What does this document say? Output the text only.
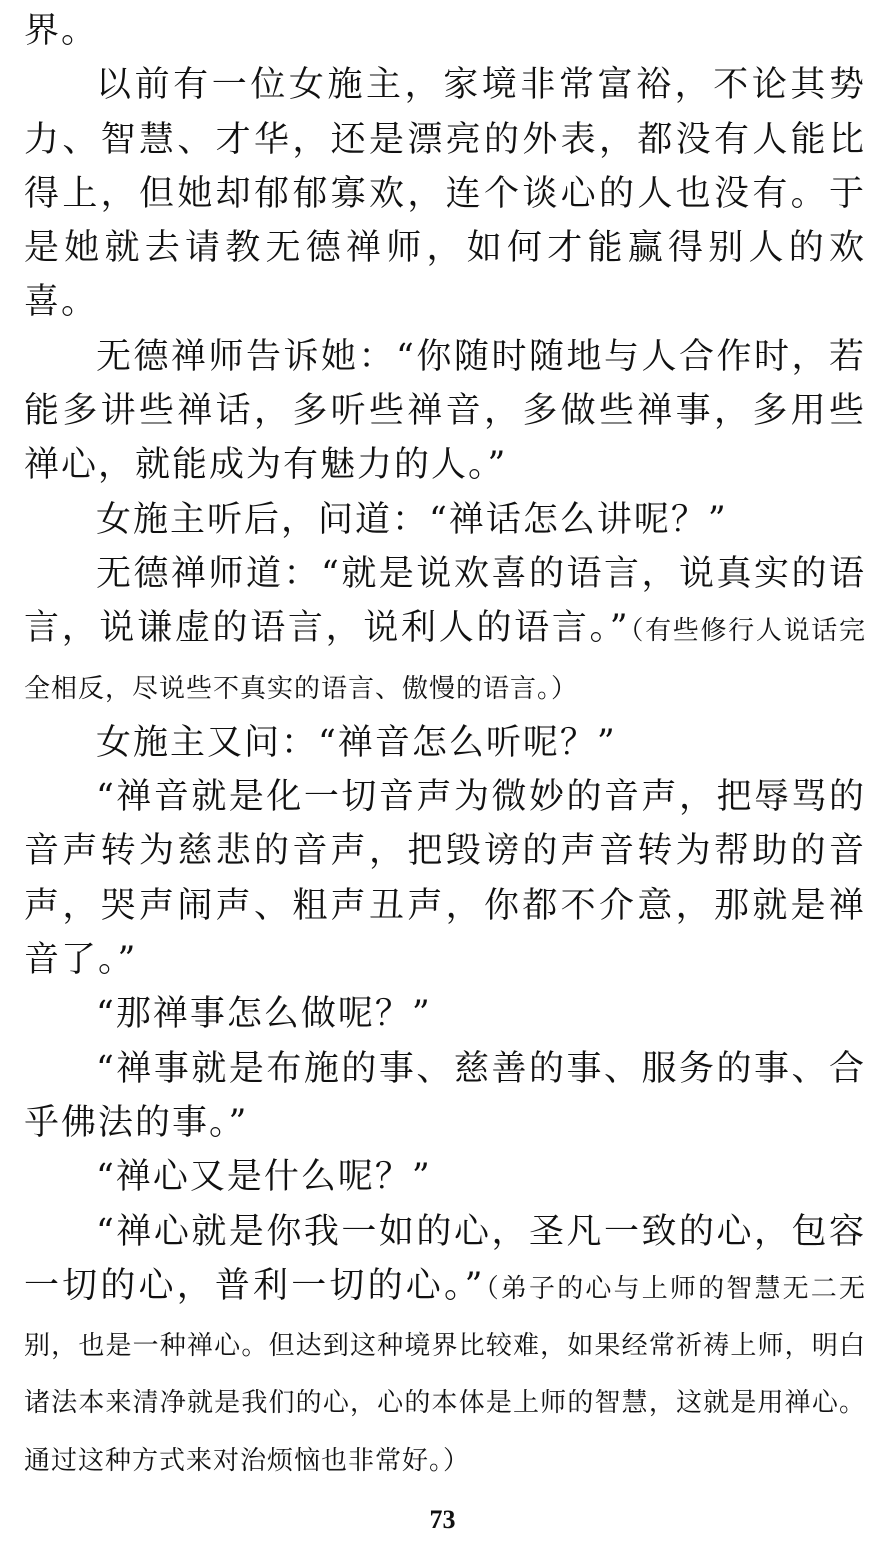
界。

以前有一位女施主，家境非常富裕，不论其势力、智慧、才华，还是漂亮的外表，都没有人能比得上，但她却郁郁寡欢，连个谈心的人也没有。于是她就去请教无德禅师，如何才能赢得别人的欢喜。

无德禅师告诉她：“你随时随地与人合作时，若能多讲些禅话，多听些禅音，多做些禅事，多用些禅心，就能成为有魅力的人。”

女施主听后，问道：“禅话怎么讲呢？”

无德禅师道：“就是说欢喜的语言，说真实的语言，说谦虚的语言，说利人的语言。”（有些修行人说话完全相反，尽说些不真实的语言、傲慢的语言。）

女施主又问：“禅音怎么听呢？”

“禅音就是化一切音声为微妙的音声，把辱骂的音声转为慈悲的音声，把毁谤的声音转为帮助的音声，哭声闹声、粗声丑声，你都不介意，那就是禅音了。”

“那禅事怎么做呢？”

“禅事就是布施的事、慈善的事、服务的事、合乎佛法的事。”

“禅心又是什么呢？”

“禅心就是你我一如的心，圣凡一致的心，包容一切的心，普利一切的心。”（弟子的心与上师的智慧无二无别，也是一种禅心。但达到这种境界比较难，如果经常祈祷上师，明白诸法本来清净就是我们的心，心的本体是上师的智慧，这就是用禅心。通过这种方式来对治烦恼也非常好。）

73
